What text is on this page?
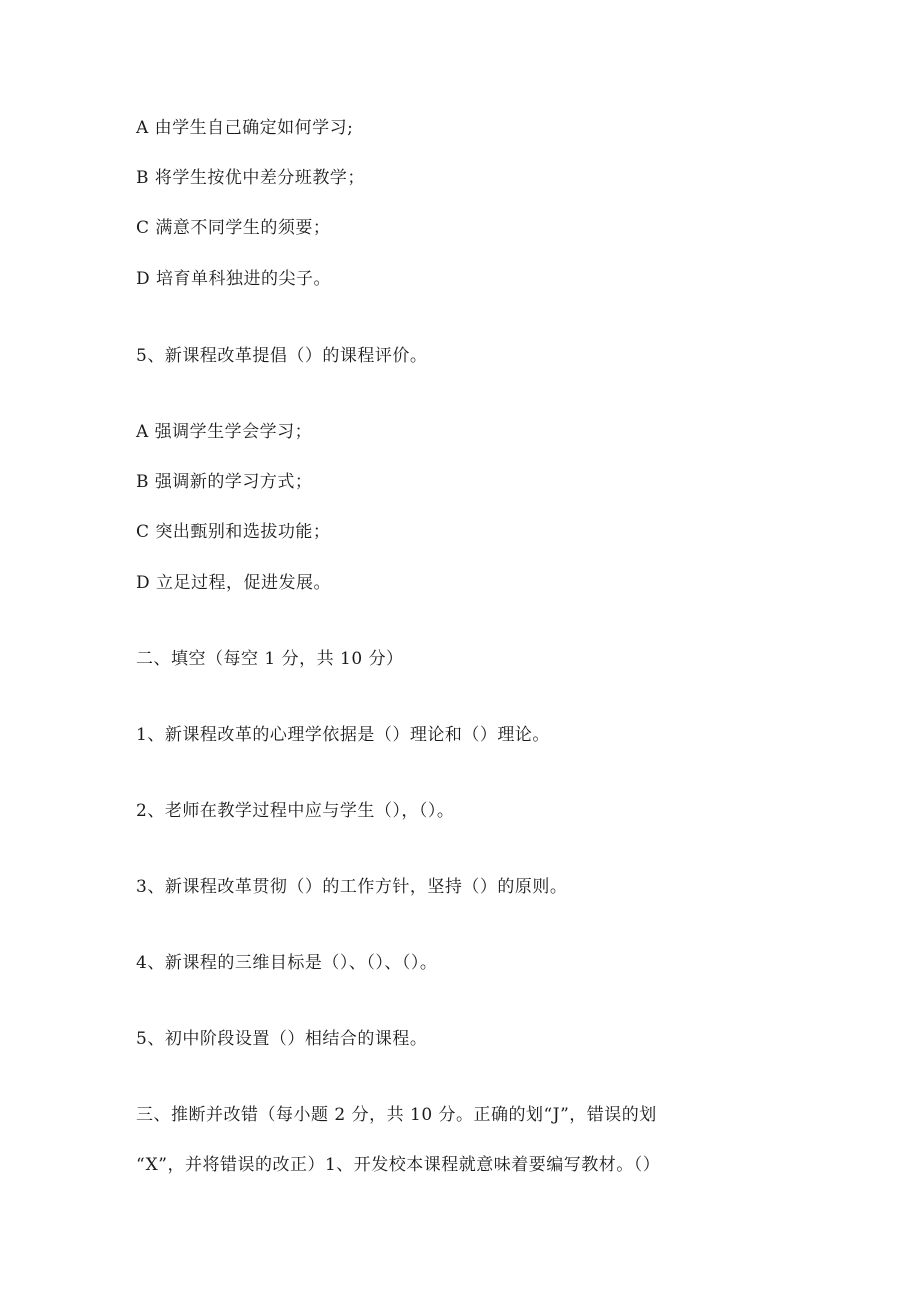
A 由学生自己确定如何学习;
B 将学生按优中差分班教学；
C 满意不同学生的须要；
D 培育单科独进的尖子。
5、新课程改革提倡（）的课程评价。
A 强调学生学会学习；
B 强调新的学习方式；
C 突出甄别和选拔功能；
D 立足过程，促进发展。
二、填空（每空 1 分，共 10 分）
1、新课程改革的心理学依据是（）理论和（）理论。
2、老师在教学过程中应与学生（），（）。
3、新课程改革贯彻（）的工作方针，坚持（）的原则。
4、新课程的三维目标是（）、（）、（）。
5、初中阶段设置（）相结合的课程。
三、推断并改错（每小题 2 分，共 10 分。正确的划“J”，错误的划
“X”，并将错误的改正）1、开发校本课程就意味着要编写教材。（）
